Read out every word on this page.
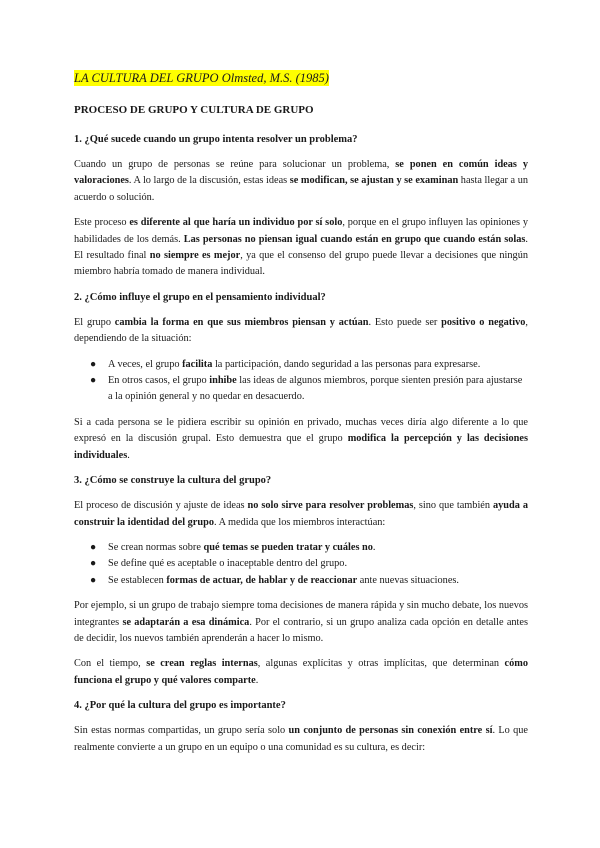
LA CULTURA DEL GRUPO Olmsted, M.S. (1985)
PROCESO DE GRUPO Y CULTURA DE GRUPO
1. ¿Qué sucede cuando un grupo intenta resolver un problema?

Cuando un grupo de personas se reúne para solucionar un problema, se ponen en común ideas y valoraciones. A lo largo de la discusión, estas ideas se modifican, se ajustan y se examinan hasta llegar a un acuerdo o solución.

Este proceso es diferente al que haría un individuo por sí solo, porque en el grupo influyen las opiniones y habilidades de los demás. Las personas no piensan igual cuando están en grupo que cuando están solas. El resultado final no siempre es mejor, ya que el consenso del grupo puede llevar a decisiones que ningún miembro habría tomado de manera individual.

2. ¿Cómo influye el grupo en el pensamiento individual?

El grupo cambia la forma en que sus miembros piensan y actúan. Esto puede ser positivo o negativo, dependiendo de la situación:

● A veces, el grupo facilita la participación, dando seguridad a las personas para expresarse.
● En otros casos, el grupo inhibe las ideas de algunos miembros, porque sienten presión para ajustarse a la opinión general y no quedar en desacuerdo.

Si a cada persona se le pidiera escribir su opinión en privado, muchas veces diría algo diferente a lo que expresó en la discusión grupal. Esto demuestra que el grupo modifica la percepción y las decisiones individuales.

3. ¿Cómo se construye la cultura del grupo?

El proceso de discusión y ajuste de ideas no solo sirve para resolver problemas, sino que también ayuda a construir la identidad del grupo. A medida que los miembros interactúan:

● Se crean normas sobre qué temas se pueden tratar y cuáles no.
● Se define qué es aceptable o inaceptable dentro del grupo.
● Se establecen formas de actuar, de hablar y de reaccionar ante nuevas situaciones.

Por ejemplo, si un grupo de trabajo siempre toma decisiones de manera rápida y sin mucho debate, los nuevos integrantes se adaptarán a esa dinámica. Por el contrario, si un grupo analiza cada opción en detalle antes de decidir, los nuevos también aprenderán a hacer lo mismo.

Con el tiempo, se crean reglas internas, algunas explícitas y otras implícitas, que determinan cómo funciona el grupo y qué valores comparte.

4. ¿Por qué la cultura del grupo es importante?

Sin estas normas compartidas, un grupo sería solo un conjunto de personas sin conexión entre sí. Lo que realmente convierte a un grupo en un equipo o una comunidad es su cultura, es decir:
